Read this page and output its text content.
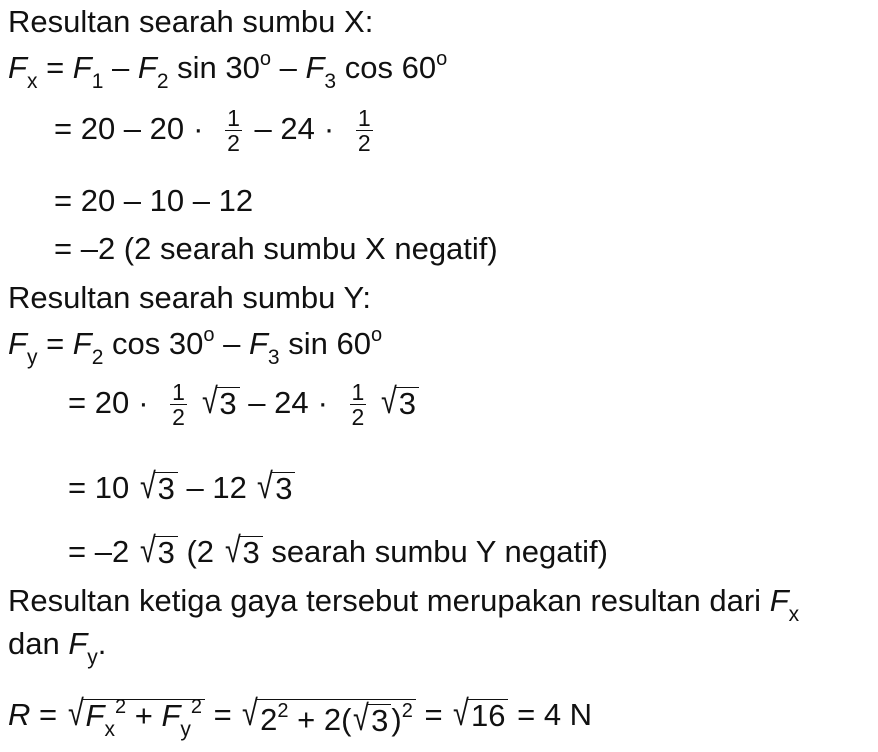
Resultan searah sumbu X:
$F_x = F_1 - F_2$ $\sin 30^o - F_3$ $\cos 60^o$
= $20 - 20 \cdot \frac{1}{2} - 24 \cdot \frac{1}{2}$
= 20 – 10 – 12
= –2 (2 searah sumbu X negatif)
Resultan searah sumbu Y:
$F_y = F_2$ $\cos 30^o - F_3$ $\sin 60^o$
= $20 \cdot \frac{1}{2}$
√ $3 - 24 \cdot \frac{1}{2}$
√ 3
= 10 √ 3 – 12 √ 3
= –2 √ 3 (2 √ 3 searah sumbu Y negatif)
Resultan ketiga gaya tersebut merupakan resultan dari $F_x$
dan $F_y$.
R = √ $F_x^2 + F_y^2$ = √ $2^2 + 2$( √ 3 )$^2$ = √ 16 = 4 N
